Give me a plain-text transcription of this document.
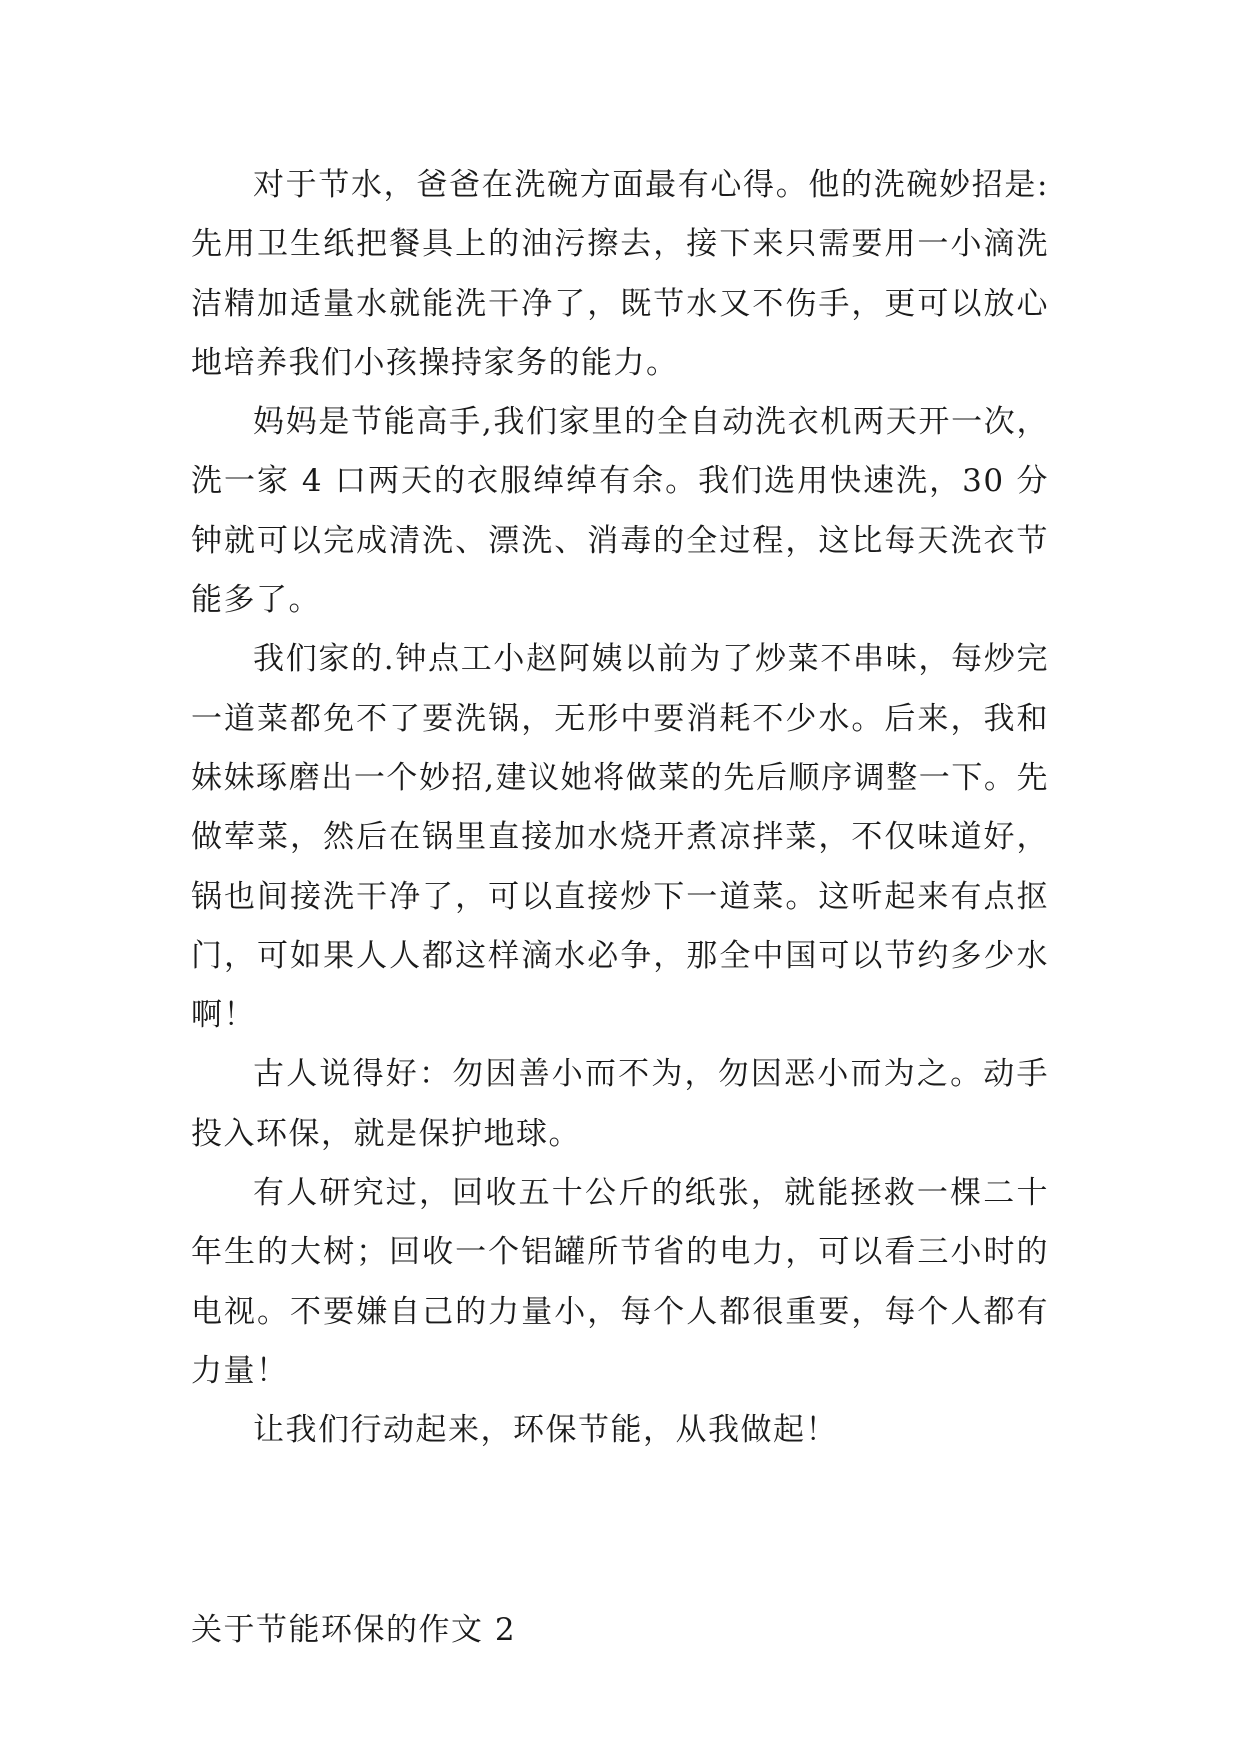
对于节水，爸爸在洗碗方面最有心得。他的洗碗妙招是:先用卫生纸把餐具上的油污擦去，接下来只需要用一小滴洗洁精加适量水就能洗干净了，既节水又不伤手，更可以放心地培养我们小孩操持家务的能力。

妈妈是节能高手,我们家里的全自动洗衣机两天开一次，洗一家 4 口两天的衣服绰绰有余。我们选用快速洗，30 分钟就可以完成清洗、漂洗、消毒的全过程，这比每天洗衣节能多了。

我们家的.钟点工小赵阿姨以前为了炒菜不串味，每炒完一道菜都免不了要洗锅，无形中要消耗不少水。后来，我和妹妹琢磨出一个妙招,建议她将做菜的先后顺序调整一下。先做荤菜，然后在锅里直接加水烧开煮凉拌菜，不仅味道好，锅也间接洗干净了，可以直接炒下一道菜。这听起来有点抠门，可如果人人都这样滴水必争，那全中国可以节约多少水啊！

古人说得好：勿因善小而不为，勿因恶小而为之。动手投入环保，就是保护地球。

有人研究过，回收五十公斤的纸张，就能拯救一棵二十年生的大树；回收一个铝罐所节省的电力，可以看三小时的电视。不要嫌自己的力量小，每个人都很重要，每个人都有力量！

让我们行动起来，环保节能，从我做起！

关于节能环保的作文 2
